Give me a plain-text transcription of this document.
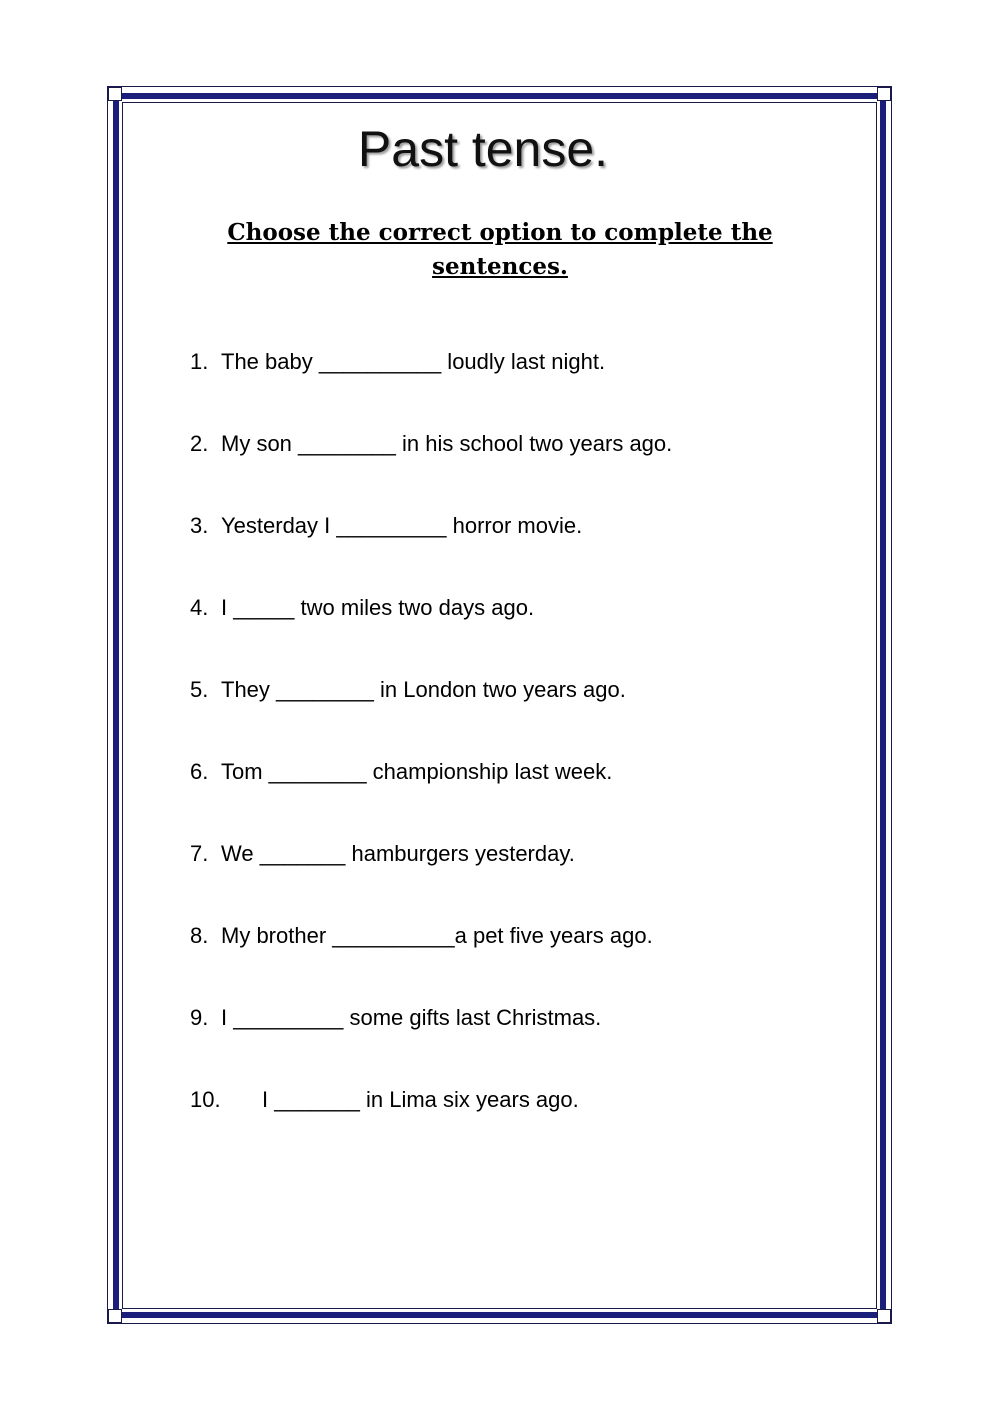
Past tense.
Choose the correct option to complete the sentences.
1. The baby __________ loudly last night.
2. My son ________ in his school two years ago.
3. Yesterday I _________ horror movie.
4. I _____ two miles two days ago.
5. They ________ in London two years ago.
6. Tom ________ championship last week.
7. We _______ hamburgers yesterday.
8. My brother __________a pet five years ago.
9. I _________ some gifts last Christmas.
10. I _______ in Lima six years ago.
